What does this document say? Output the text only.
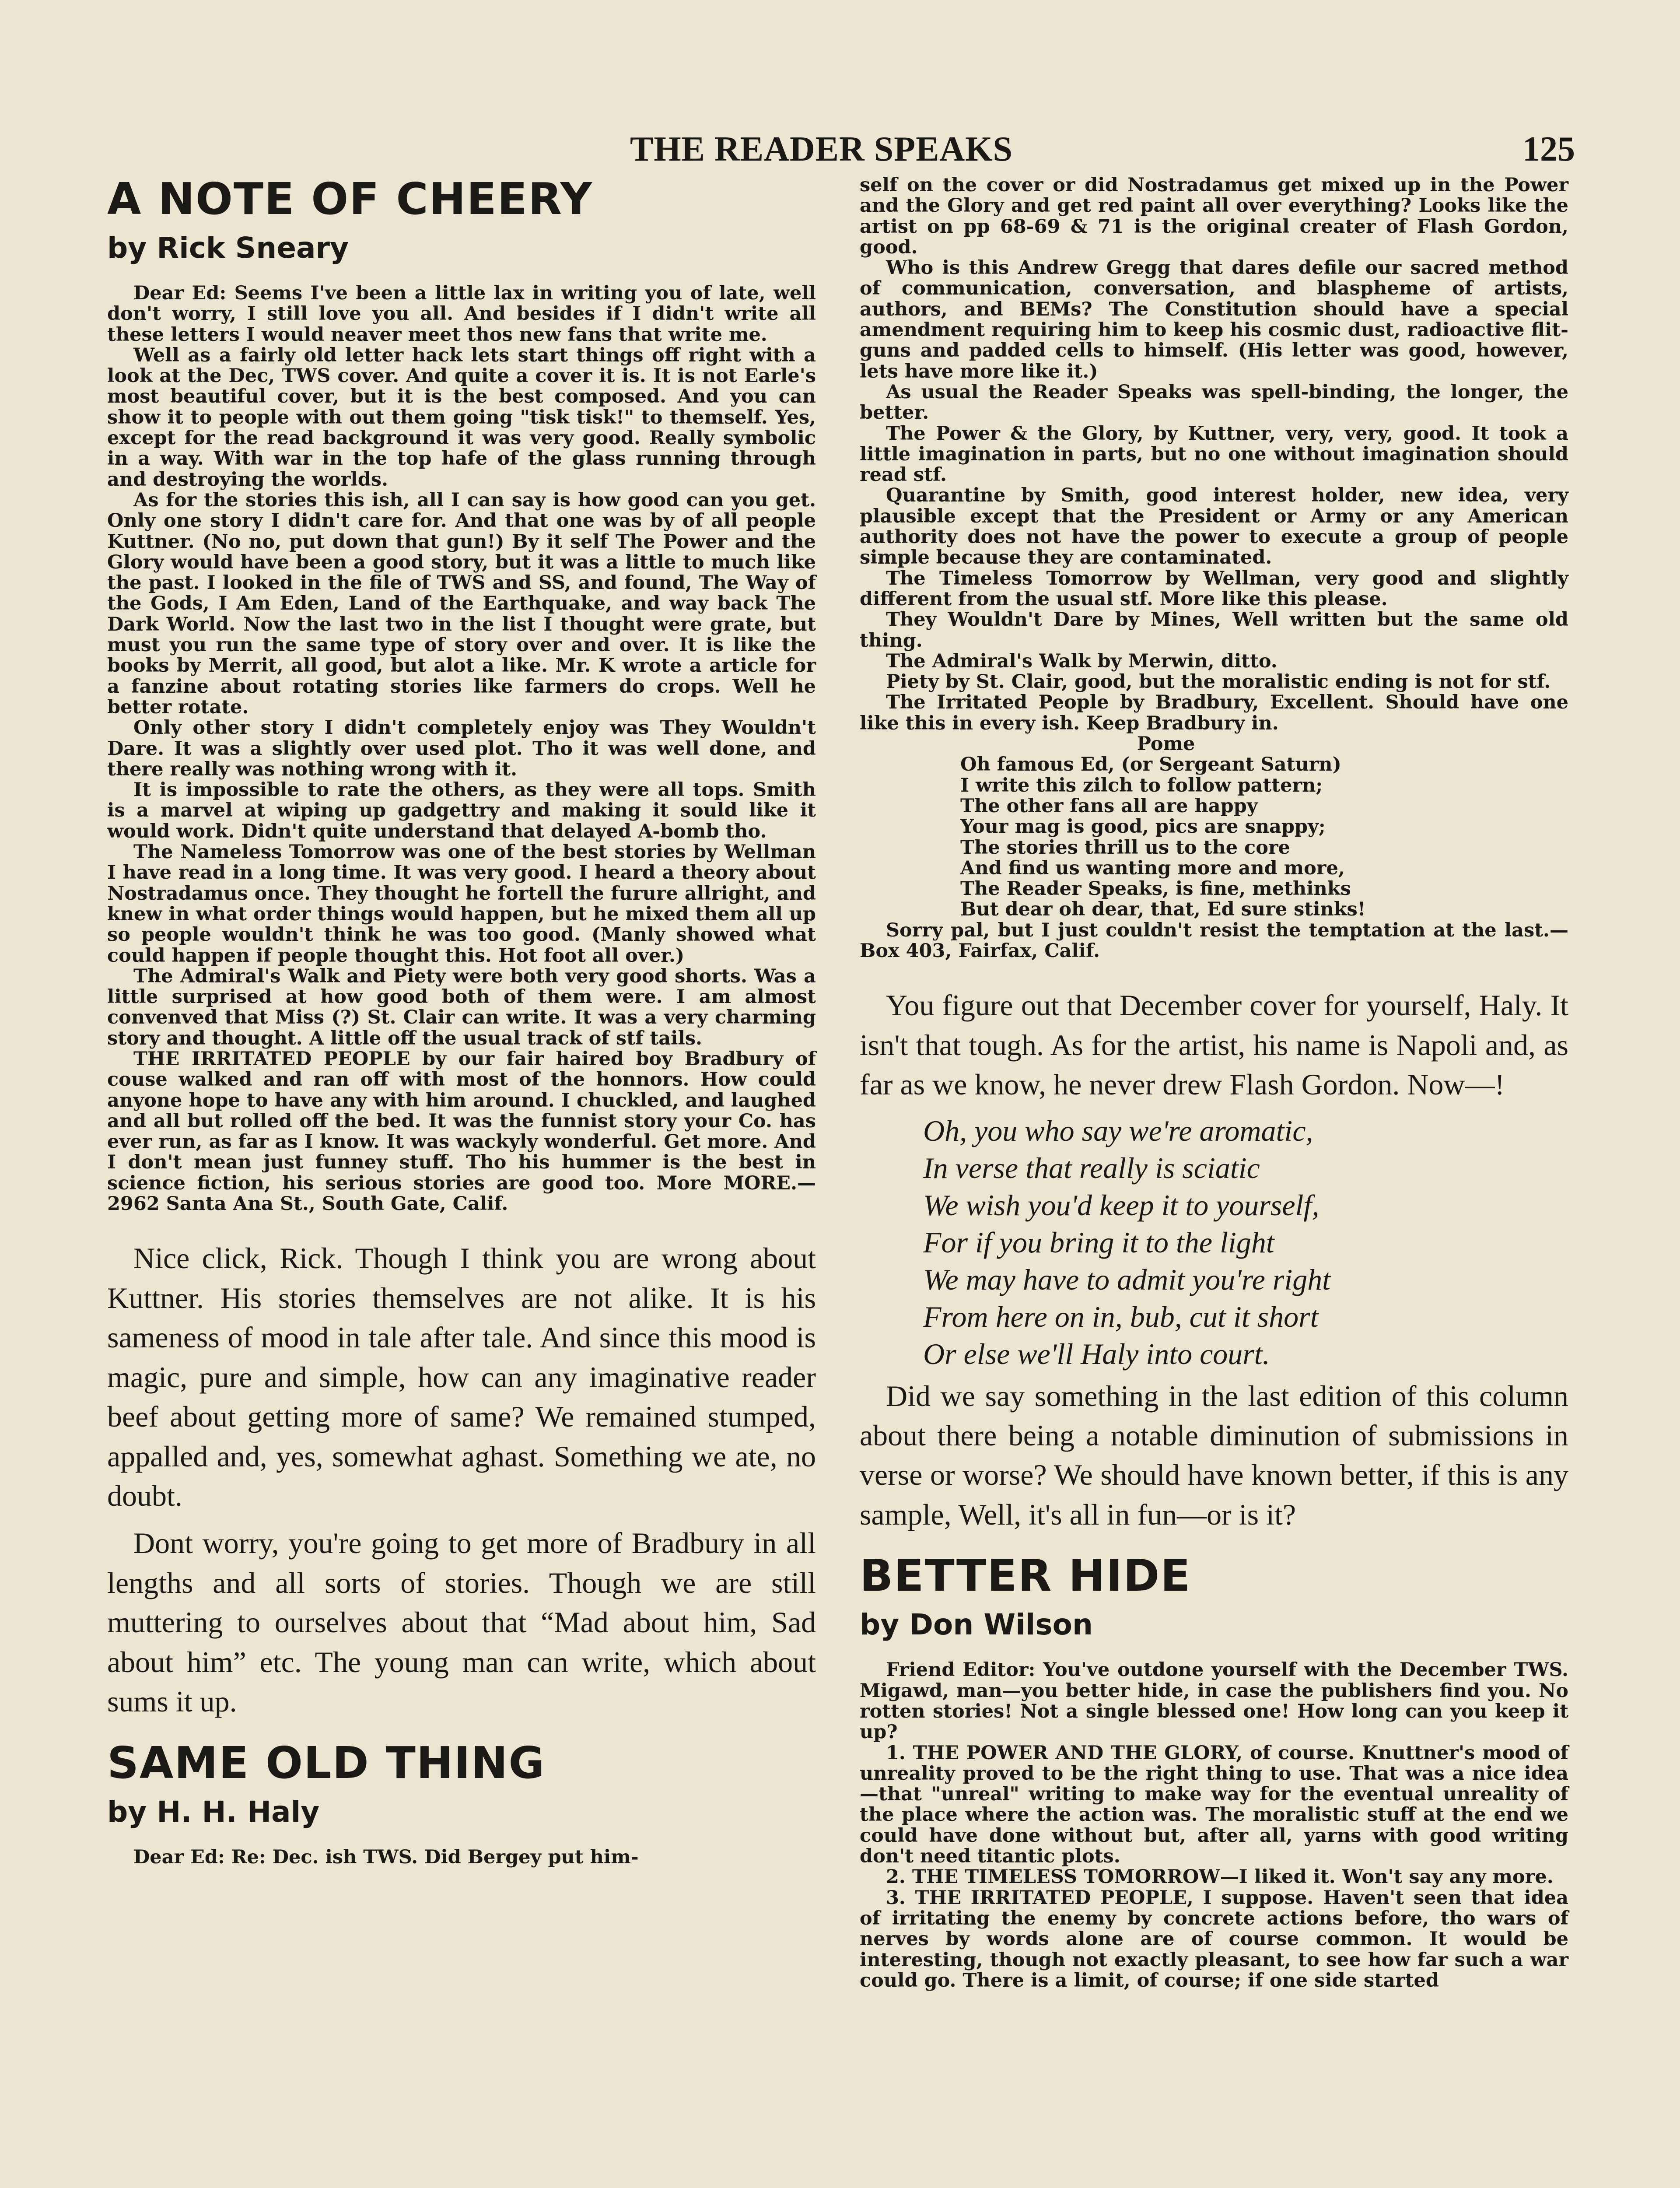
THE READER SPEAKS	125
A NOTE OF CHEERY
by Rick Sneary

Dear Ed: Seems I've been a little lax in writing you of late, well don't worry, I still love you all. And besides if I didn't write all these letters I would neaver meet thos new fans that write me.

Well as a fairly old letter hack lets start things off right with a look at the Dec, TWS cover. And quite a cover it is. It is not Earle's most beautiful cover, but it is the best composed. And you can show it to people with out them going "tisk tisk!" to themself. Yes, except for the read background it was very good. Really symbolic in a way. With war in the top hafe of the glass running through and destroying the worlds.

As for the stories this ish, all I can say is how good can you get. Only one story I didn't care for. And that one was by of all people Kuttner. (No no, put down that gun!) By it self The Power and the Glory would have been a good story, but it was a little to much like the past. I looked in the file of TWS and SS, and found, The Way of the Gods, I Am Eden, Land of the Earthquake, and way back The Dark World. Now the last two in the list I thought were grate, but must you run the same type of story over and over. It is like the books by Merrit, all good, but alot a like. Mr. K wrote a article for a fanzine about rotating stories like farmers do crops. Well he better rotate.

Only other story I didn't completely enjoy was They Wouldn't Dare. It was a slightly over used plot. Tho it was well done, and there really was nothing wrong with it.

It is impossible to rate the others, as they were all tops. Smith is a marvel at wiping up gadgettry and making it sould like it would work. Didn't quite understand that delayed A-bomb tho.

The Nameless Tomorrow was one of the best stories by Wellman I have read in a long time. It was very good. I heard a theory about Nostradamus once. They thought he fortell the furure allright, and knew in what order things would happen, but he mixed them all up so people wouldn't think he was too good. (Manly showed what could happen if people thought this. Hot foot all over.)

The Admiral's Walk and Piety were both very good shorts. Was a little surprised at how good both of them were. I am almost convenved that Miss (?) St. Clair can write. It was a very charming story and thought. A little off the usual track of stf tails.

THE IRRITATED PEOPLE by our fair haired boy Bradbury of couse walked and ran off with most of the honnors. How could anyone hope to have any with him around. I chuckled, and laughed and all but rolled off the bed. It was the funnist story your Co. has ever run, as far as I know. It was wackyly wonderful. Get more. And I don't mean just funney stuff. Tho his hummer is the best in science fiction, his serious stories are good too. More MORE.—2962 Santa Ana St., South Gate, Calif.

Nice click, Rick. Though I think you are wrong about Kuttner. His stories themselves are not alike. It is his sameness of mood in tale after tale. And since this mood is magic, pure and simple, how can any imaginative reader beef about getting more of same? We remained stumped, appalled and, yes, somewhat aghast. Something we ate, no doubt.

Dont worry, you're going to get more of Bradbury in all lengths and all sorts of stories. Though we are still muttering to ourselves about that “Mad about him, Sad about him” etc. The young man can write, which about sums it up.

SAME OLD THING
by H. H. Haly

Dear Ed: Re: Dec. ish TWS. Did Bergey put him-

self on the cover or did Nostradamus get mixed up in the Power and the Glory and get red paint all over everything? Looks like the artist on pp 68-69 & 71 is the original creater of Flash Gordon, good.

Who is this Andrew Gregg that dares defile our sacred method of communication, conversation, and blaspheme of artists, authors, and BEMs? The Constitution should have a special amendment requiring him to keep his cosmic dust, radioactive flit-guns and padded cells to himself. (His letter was good, however, lets have more like it.)

As usual the Reader Speaks was spell-binding, the longer, the better.

The Power & the Glory, by Kuttner, very, very, good. It took a little imagination in parts, but no one without imagination should read stf.

Quarantine by Smith, good interest holder, new idea, very plausible except that the President or Army or any American authority does not have the power to execute a group of people simple because they are contaminated.

The Timeless Tomorrow by Wellman, very good and slightly different from the usual stf. More like this please.

They Wouldn't Dare by Mines, Well written but the same old thing.

The Admiral's Walk by Merwin, ditto.

Piety by St. Clair, good, but the moralistic ending is not for stf.

The Irritated People by Bradbury, Excellent. Should have one like this in every ish. Keep Bradbury in.

Pome
Oh famous Ed, (or Sergeant Saturn)
I write this zilch to follow pattern;
The other fans all are happy
Your mag is good, pics are snappy;
The stories thrill us to the core
And find us wanting more and more,
The Reader Speaks, is fine, methinks
But dear oh dear, that, Ed sure stinks!

Sorry pal, but I just couldn't resist the temptation at the last.—Box 403, Fairfax, Calif.

You figure out that December cover for yourself, Haly. It isn't that tough. As for the artist, his name is Napoli and, as far as we know, he never drew Flash Gordon. Now—!

Oh, you who say we're aromatic,
In verse that really is sciatic
We wish you'd keep it to yourself,
For if you bring it to the light
We may have to admit you're right
From here on in, bub, cut it short
Or else we'll Haly into court.

Did we say something in the last edition of this column about there being a notable diminution of submissions in verse or worse? We should have known better, if this is any sample, Well, it's all in fun—or is it?

BETTER HIDE
by Don Wilson

Friend Editor: You've outdone yourself with the December TWS. Migawd, man—you better hide, in case the publishers find you. No rotten stories! Not a single blessed one! How long can you keep it up?

1. THE POWER AND THE GLORY, of course. Knuttner's mood of unreality proved to be the right thing to use. That was a nice idea—that "unreal" writing to make way for the eventual unreality of the place where the action was. The moralistic stuff at the end we could have done without but, after all, yarns with good writing don't need titantic plots.

2. THE TIMELESS TOMORROW—I liked it. Won't say any more.

3. THE IRRITATED PEOPLE, I suppose. Haven't seen that idea of irritating the enemy by concrete actions before, tho wars of nerves by words alone are of course common. It would be interesting, though not exactly pleasant, to see how far such a war could go. There is a limit, of course; if one side started
